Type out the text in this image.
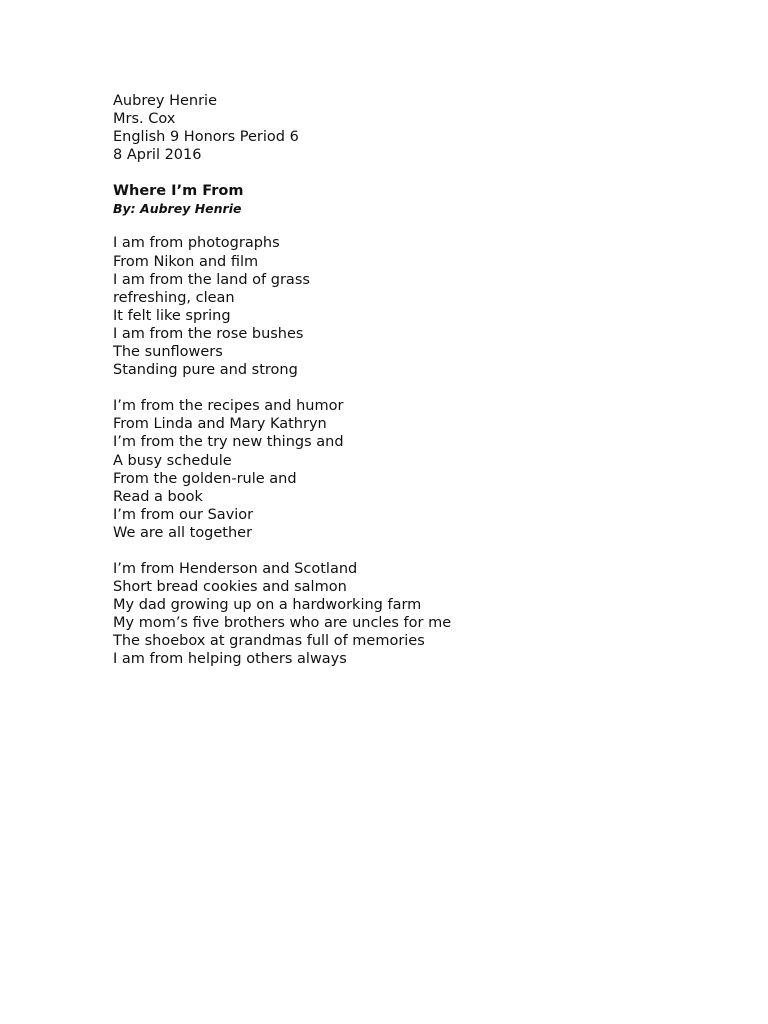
Aubrey Henrie
Mrs. Cox
English 9 Honors Period 6
8 April 2016
Where I’m From
By: Aubrey Henrie
I am from photographs
From Nikon and film
I am from the land of grass
refreshing, clean
It felt like spring
I am from the rose bushes
The sunflowers
Standing pure and strong
I’m from the recipes and humor
From Linda and Mary Kathryn
I’m from the try new things and
A busy schedule
From the golden-rule and
Read a book
I’m from our Savior
We are all together
I’m from Henderson and Scotland
Short bread cookies and salmon
My dad growing up on a hardworking farm
My mom’s five brothers who are uncles for me
The shoebox at grandmas full of memories
I am from helping others always
